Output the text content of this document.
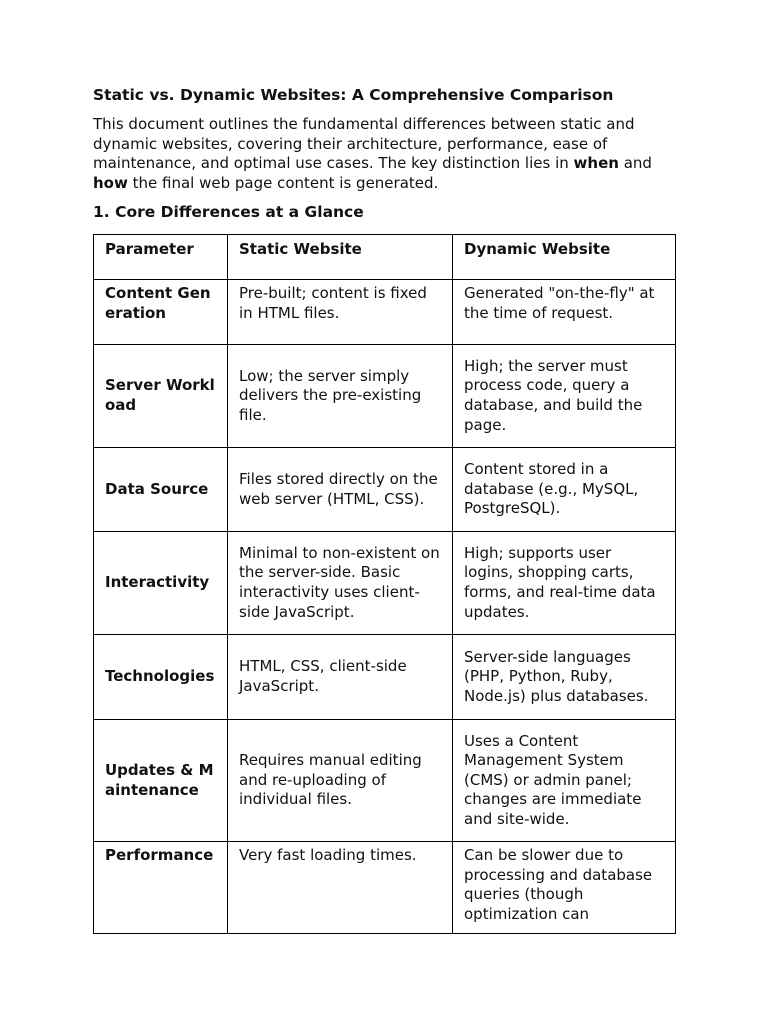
Static vs. Dynamic Websites: A Comprehensive Comparison

This document outlines the fundamental differences between static and dynamic websites, covering their architecture, performance, ease of maintenance, and optimal use cases. The key distinction lies in when and how the final web page content is generated.

1. Core Differences at a Glance

Parameter	Static Website	Dynamic Website
Content Generation	Pre-built; content is fixed in HTML files.	Generated "on-the-fly" at the time of request.
Server Workload	Low; the server simply delivers the pre-existing file.	High; the server must process code, query a database, and build the page.
Data Source	Files stored directly on the web server (HTML, CSS).	Content stored in a database (e.g., MySQL, PostgreSQL).
Interactivity	Minimal to non-existent on the server-side. Basic interactivity uses client-side JavaScript.	High; supports user logins, shopping carts, forms, and real-time data updates.
Technologies	HTML, CSS, client-side JavaScript.	Server-side languages (PHP, Python, Ruby, Node.js) plus databases.
Updates & Maintenance	Requires manual editing and re-uploading of individual files.	Uses a Content Management System (CMS) or admin panel; changes are immediate and site-wide.
Performance	Very fast loading times.	Can be slower due to processing and database queries (though optimization can
